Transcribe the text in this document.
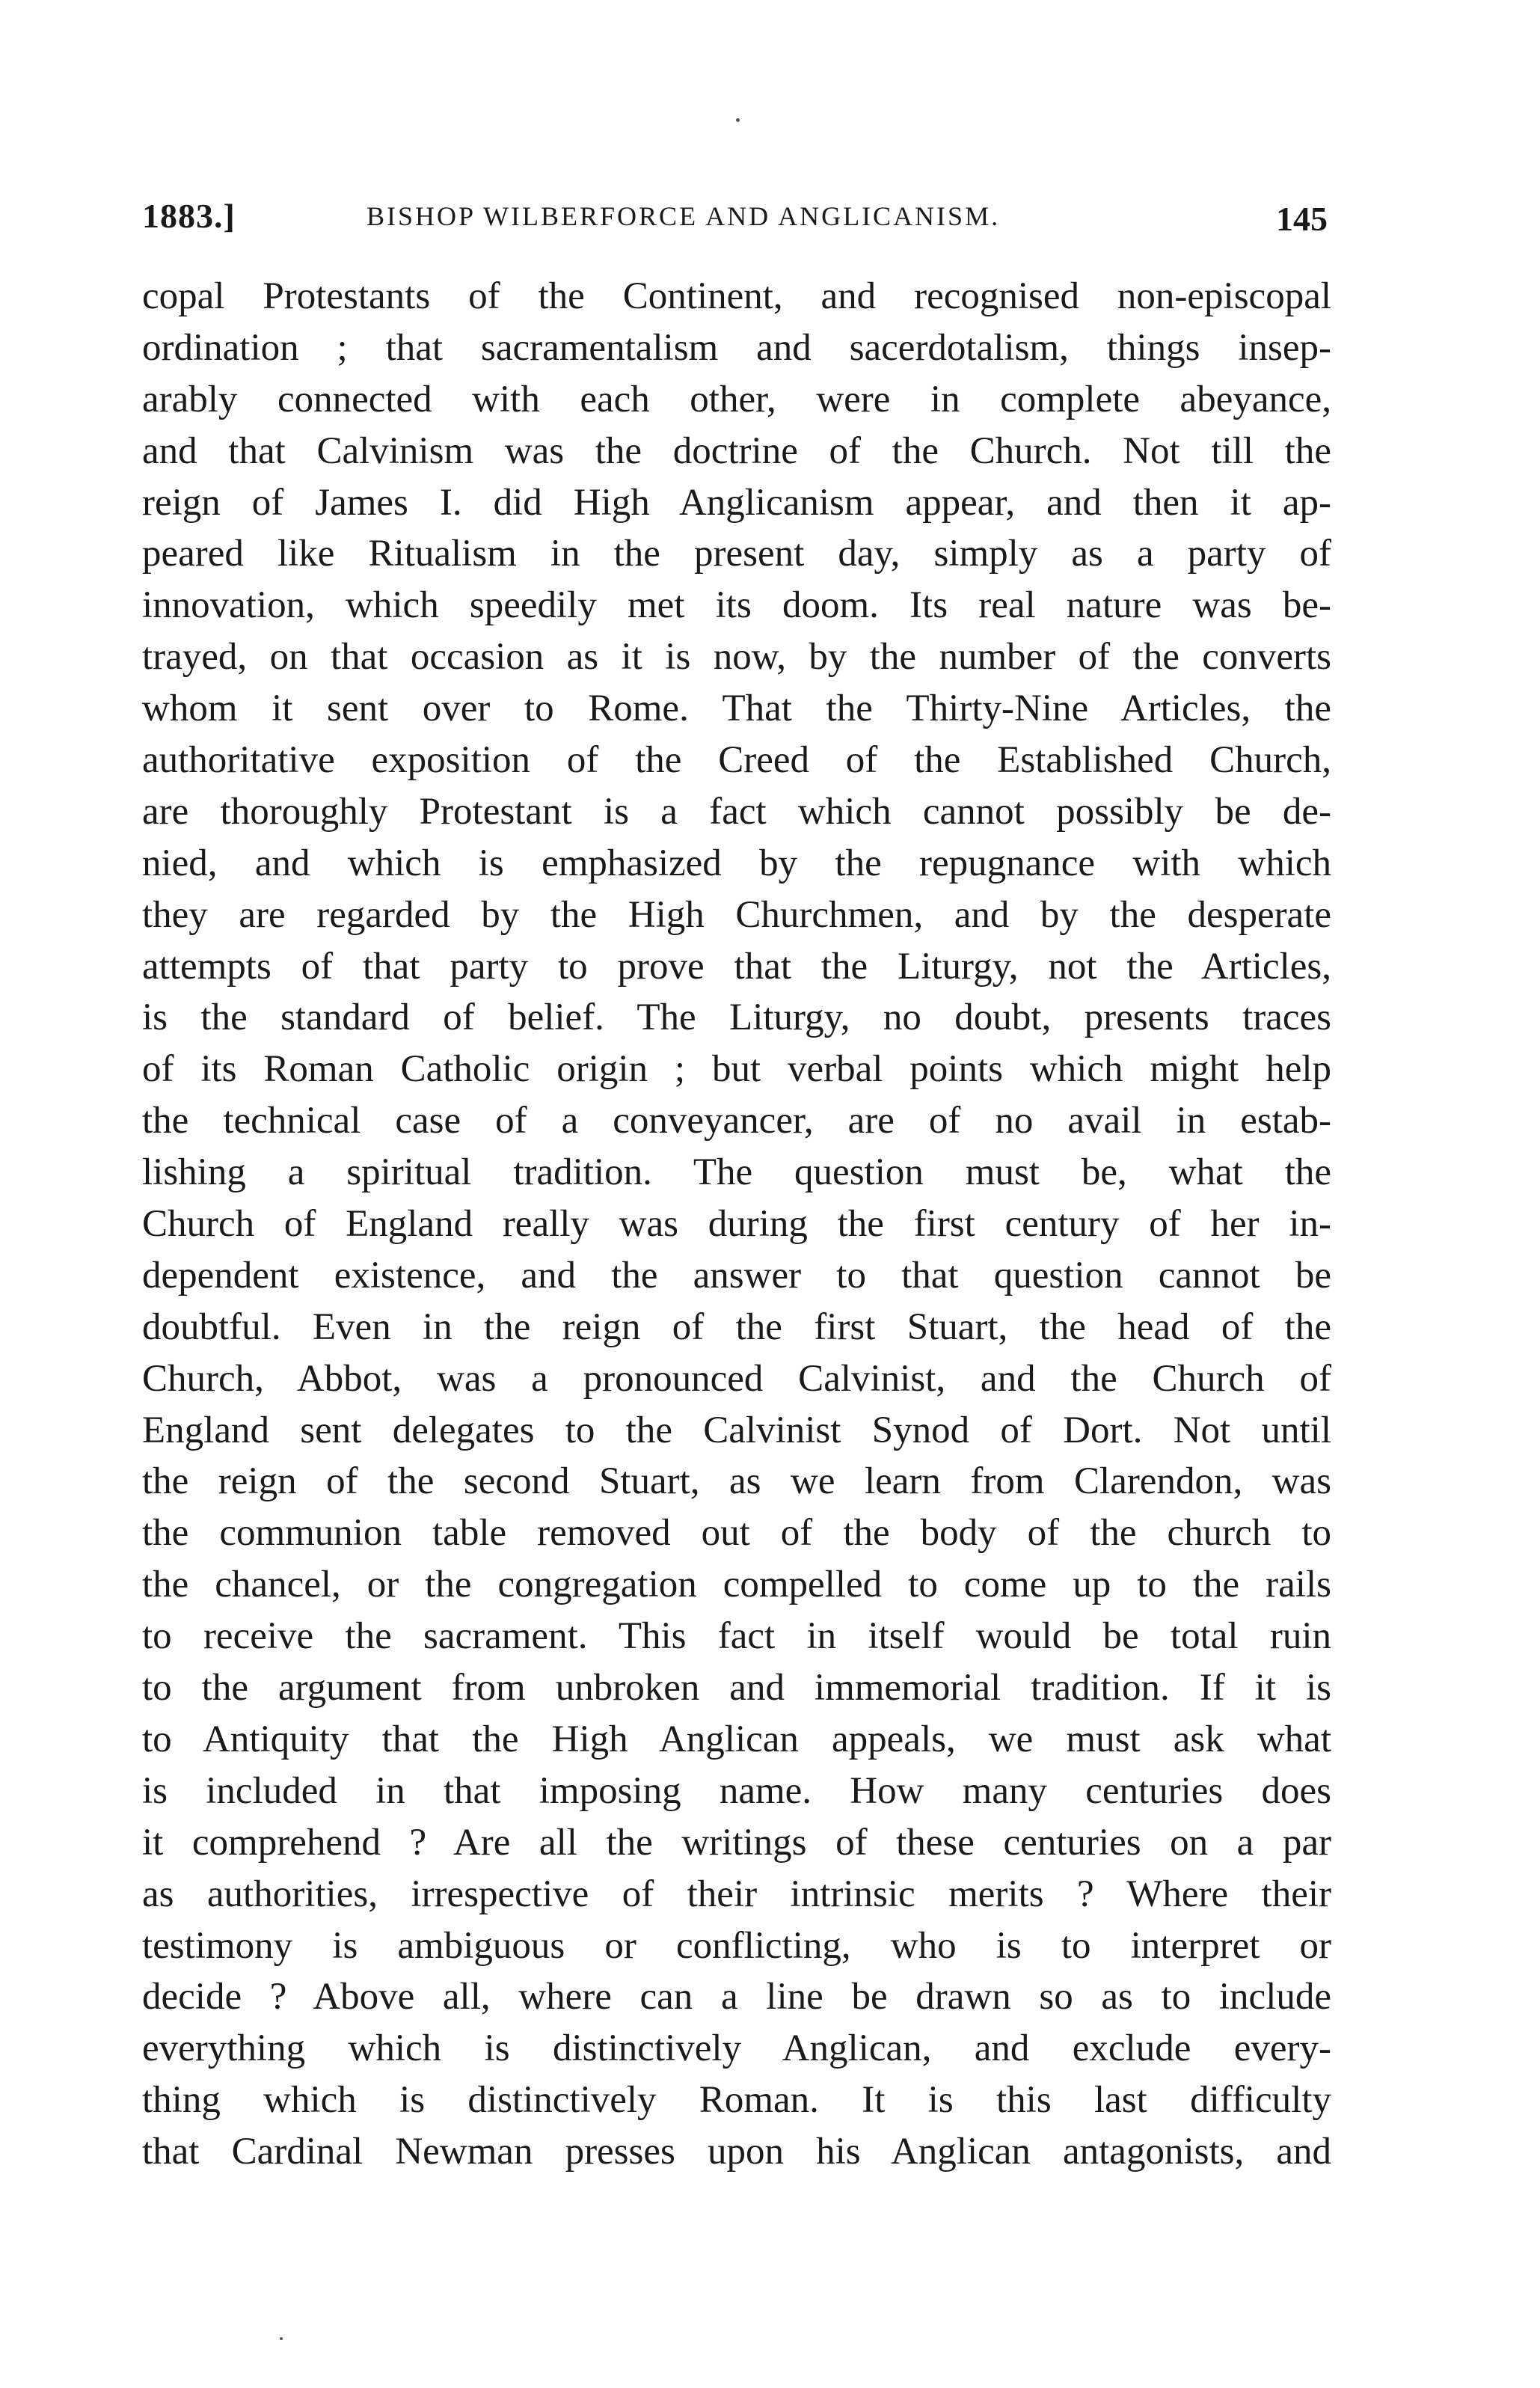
1883.]	BISHOP WILBERFORCE AND ANGLICANISM.	145
copal Protestants of the Continent, and recognised non-episcopal
ordination ; that sacramentalism and sacerdotalism, things insep-
arably connected with each other, were in complete abeyance,
and that Calvinism was the doctrine of the Church. Not till the
reign of James I. did High Anglicanism appear, and then it ap-
peared like Ritualism in the present day, simply as a party of
innovation, which speedily met its doom. Its real nature was be-
trayed, on that occasion as it is now, by the number of the converts
whom it sent over to Rome. That the Thirty-Nine Articles, the
authoritative exposition of the Creed of the Established Church,
are thoroughly Protestant is a fact which cannot possibly be de-
nied, and which is emphasized by the repugnance with which
they are regarded by the High Churchmen, and by the desperate
attempts of that party to prove that the Liturgy, not the Articles,
is the standard of belief. The Liturgy, no doubt, presents traces
of its Roman Catholic origin ; but verbal points which might help
the technical case of a conveyancer, are of no avail in estab-
lishing a spiritual tradition. The question must be, what the
Church of England really was during the first century of her in-
dependent existence, and the answer to that question cannot be
doubtful. Even in the reign of the first Stuart, the head of the
Church, Abbot, was a pronounced Calvinist, and the Church of
England sent delegates to the Calvinist Synod of Dort. Not until
the reign of the second Stuart, as we learn from Clarendon, was
the communion table removed out of the body of the church to
the chancel, or the congregation compelled to come up to the rails
to receive the sacrament. This fact in itself would be total ruin
to the argument from unbroken and immemorial tradition. If it is
to Antiquity that the High Anglican appeals, we must ask what
is included in that imposing name. How many centuries does
it comprehend ? Are all the writings of these centuries on a par
as authorities, irrespective of their intrinsic merits ? Where their
testimony is ambiguous or conflicting, who is to interpret or
decide ? Above all, where can a line be drawn so as to include
everything which is distinctively Anglican, and exclude every-
thing which is distinctively Roman. It is this last difficulty
that Cardinal Newman presses upon his Anglican antagonists, and
